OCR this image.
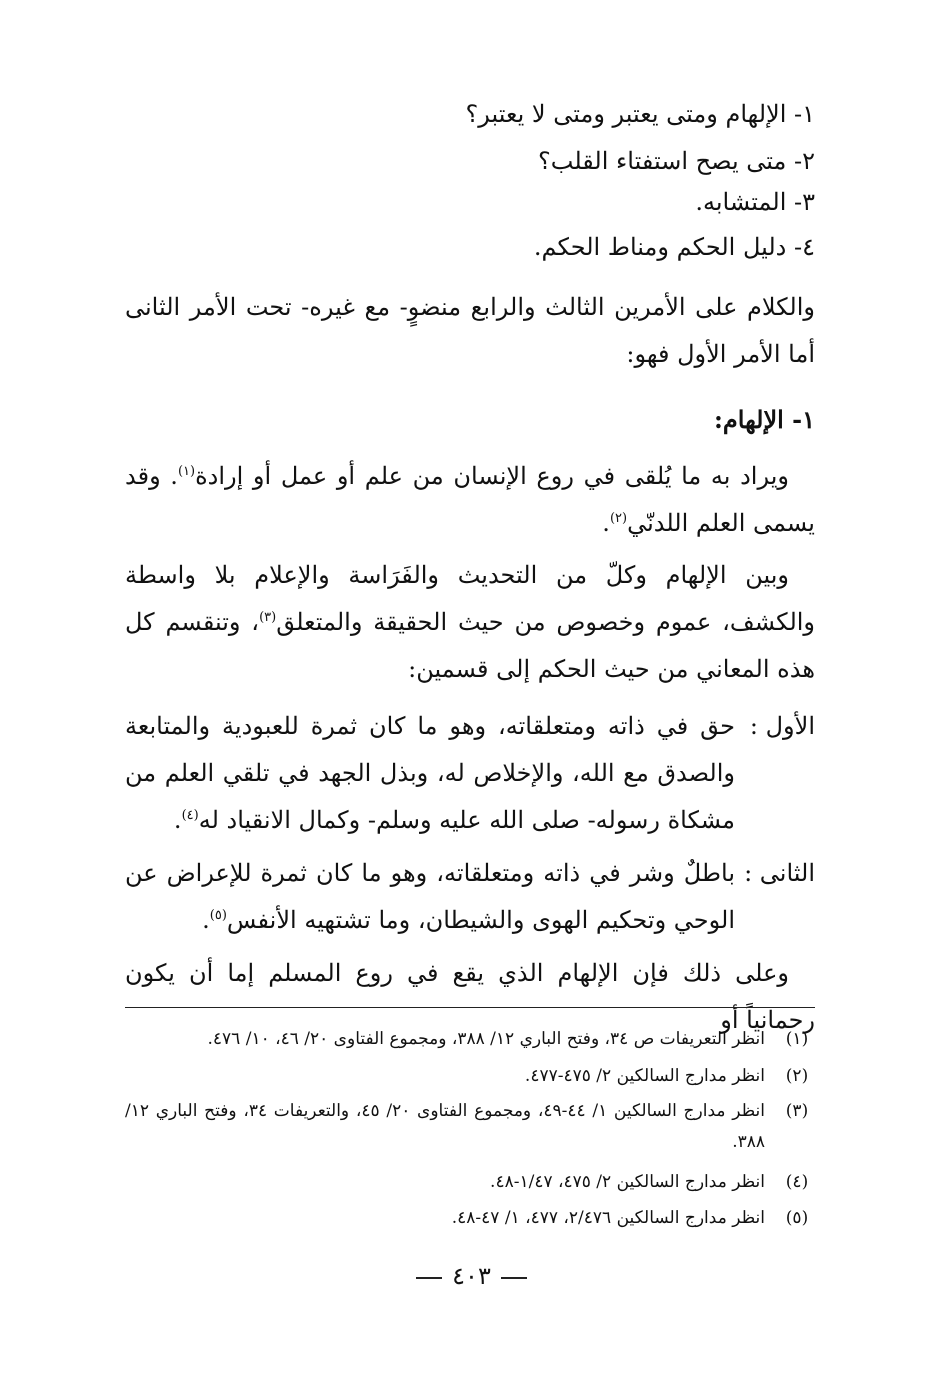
١- الإلهام ومتى يعتبر ومتى لا يعتبر؟
٢- متى يصح استفتاء القلب؟
٣- المتشابه.
٤- دليل الحكم ومناط الحكم.
والكلام على الأمرين الثالث والرابع منضوٍ- مع غيره- تحت الأمر الثانى أما الأمر الأول فهو:
١- الإلهام:
ويراد به ما يُلقى في روع الإنسان من علم أو عمل أو إرادة$^{(١)}$. وقد يسمى العلم اللدنّي$^{(٢)}$.
وبين الإلهام وكلّ من التحديث والفَرَاسة والإعلام بلا واسطة والكشف، عموم وخصوص من حيث الحقيقة والمتعلق$^{(٣)}$، وتنقسم كل هذه المعاني من حيث الحكم إلى قسمين:
الأول :
حق في ذاته ومتعلقاته، وهو ما كان ثمرة للعبودية والمتابعة والصدق مع الله، والإخلاص له، وبذل الجهد في تلقي العلم من مشكاة رسوله- صلى الله عليه وسلم- وكمال الانقياد له$^{(٤)}$.
الثانى :
باطلٌ وشر في ذاته ومتعلقاته، وهو ما كان ثمرة للإعراض عن الوحي وتحكيم الهوى والشيطان، وما تشتهيه الأنفس$^{(٥)}$.
وعلى ذلك فإن الإلهام الذي يقع في روع المسلم إما أن يكون رحمانياً أو
(١)
انظر التعريفات ص ٣٤، وفتح الباري ١٢/ ٣٨٨، ومجموع الفتاوى ٢٠/ ٤٦، ١٠/ ٤٧٦.
(٢)
انظر مدارج السالكين ٢/ ٤٧٥-٤٧٧.
(٣)
انظر مدارج السالكين ١/ ٤٤-٤٩، ومجموع الفتاوى ٢٠/ ٤٥، والتعريفات ٣٤، وفتح الباري ١٢/ ٣٨٨.
(٤)
انظر مدارج السالكين ٢/ ٤٧٥، ١/٤٧-٤٨.
(٥)
انظر مدارج السالكين ٢/٤٧٦، ٤٧٧، ١/ ٤٧-٤٨.
٤٠٣
